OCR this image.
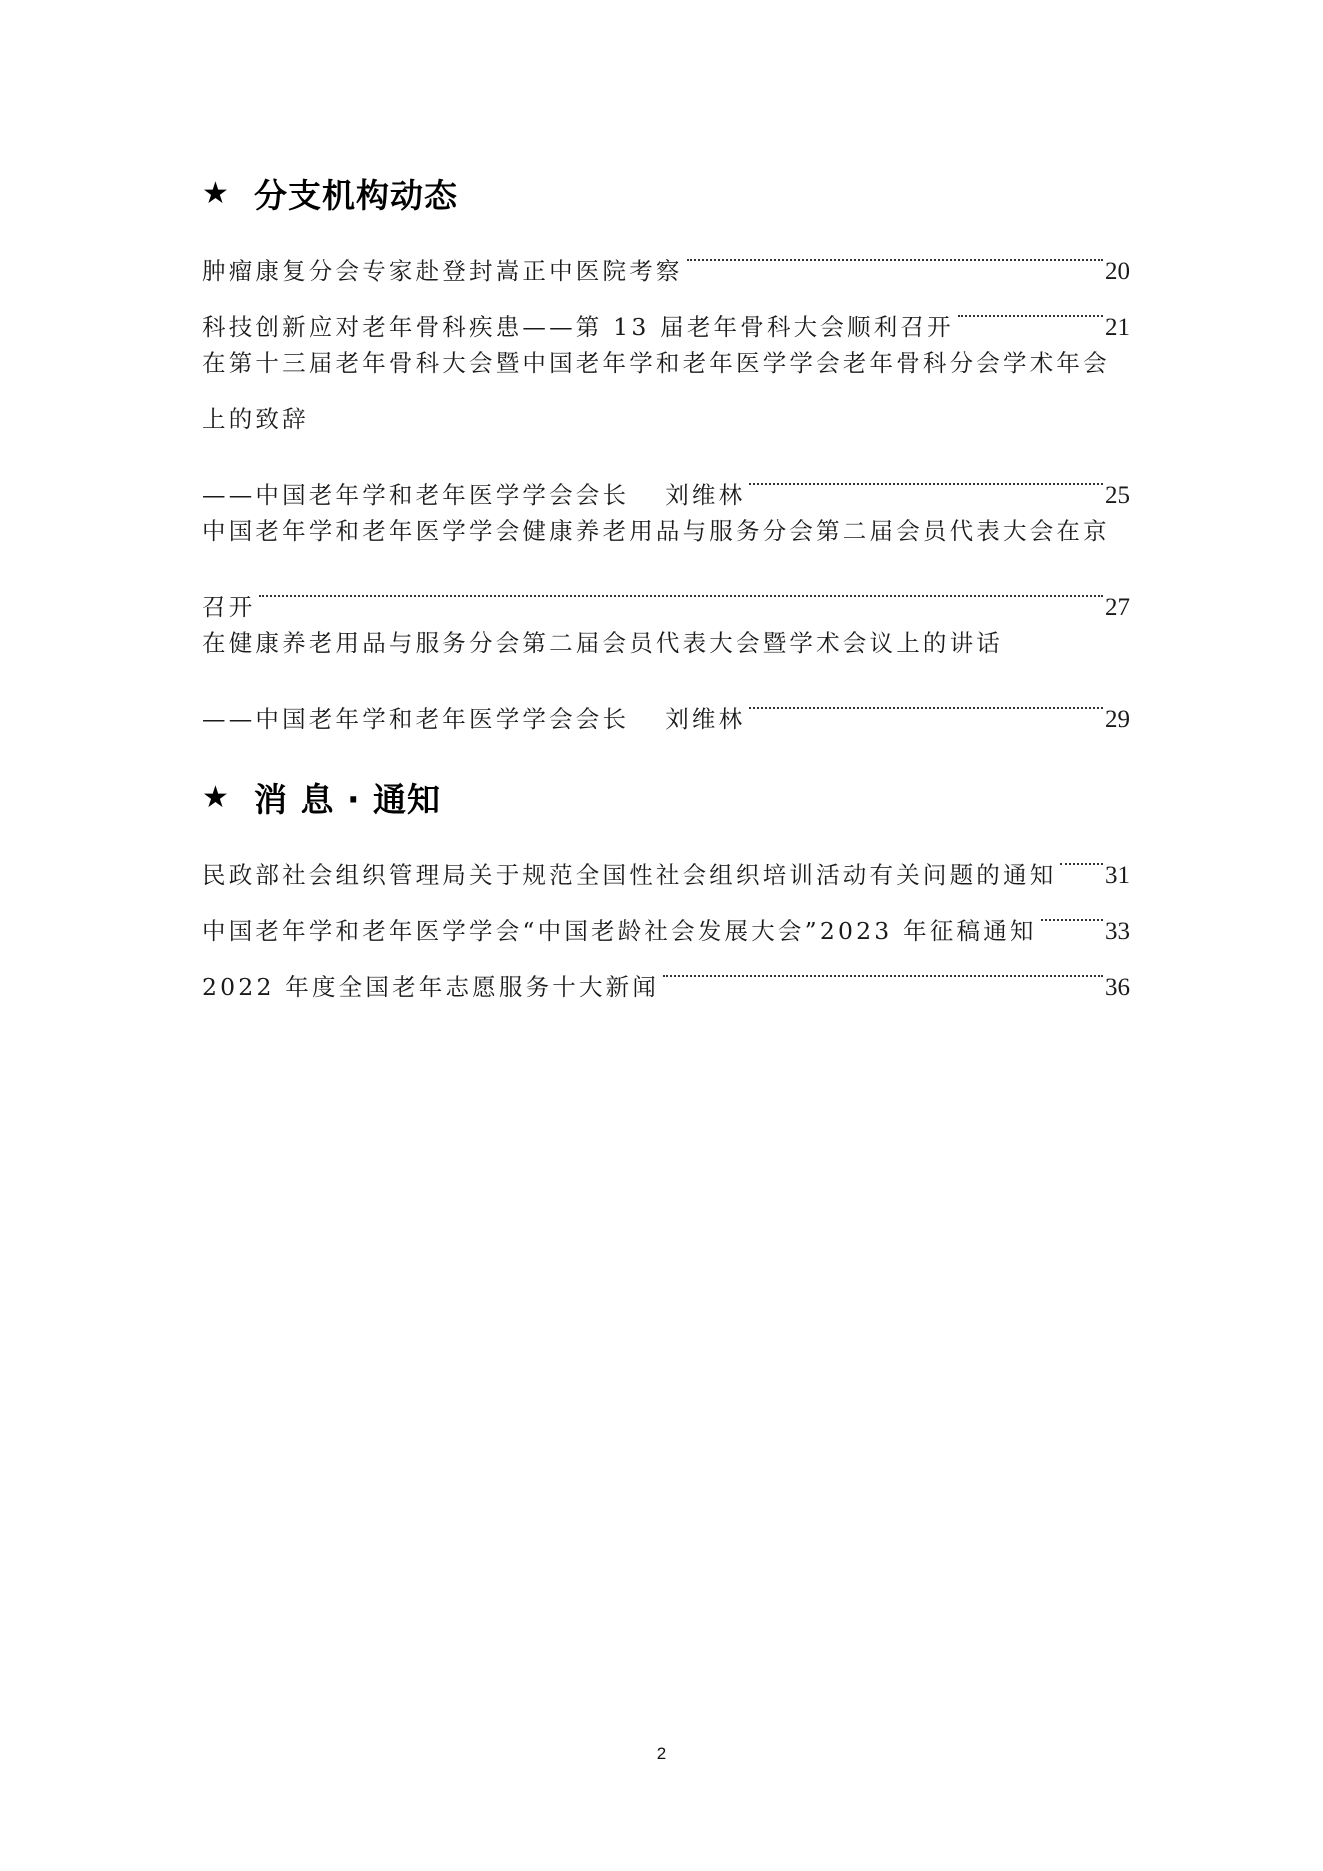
★ 分支机构动态
肿瘤康复分会专家赴登封嵩正中医院考察	20
科技创新应对老年骨科疾患——第 13 届老年骨科大会顺利召开	21
在第十三届老年骨科大会暨中国老年学和老年医学学会老年骨科分会学术年会
上的致辞
——中国老年学和老年医学学会会长 刘维林	25
中国老年学和老年医学学会健康养老用品与服务分会第二届会员代表大会在京
召开	27
在健康养老用品与服务分会第二届会员代表大会暨学术会议上的讲话
——中国老年学和老年医学学会会长 刘维林	29
★ 消 息 · 通知
民政部社会组织管理局关于规范全国性社会组织培训活动有关问题的通知 31
中国老年学和老年医学学会“中国老龄社会发展大会”2023 年征稿通知	33
2022 年度全国老年志愿服务十大新闻	36
2
